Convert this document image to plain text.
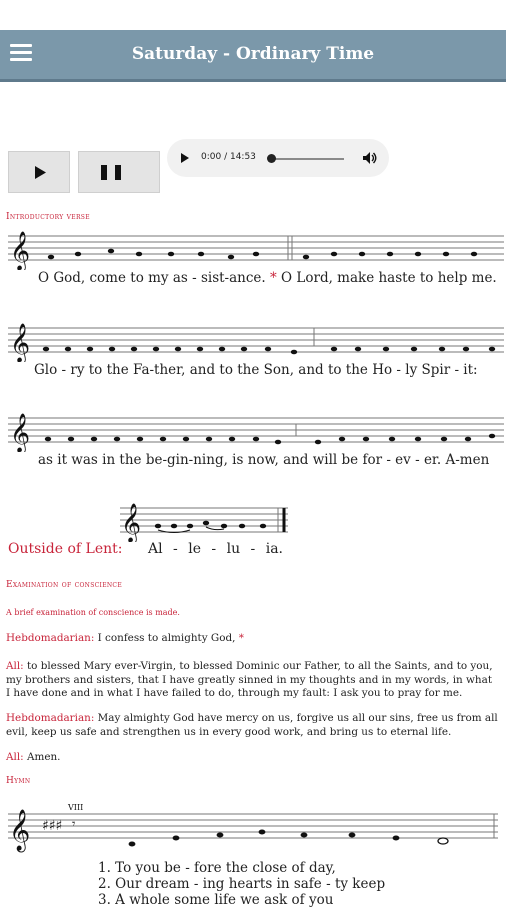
Saturday - Ordinary Time
0:00 / 14:53
Introductory verse
𝄞
O God, come to my as - sist-ance. * O Lord, make haste to help me.
𝄞
Glo - ry to the Fa-ther, and to the Son, and to the Ho - ly Spir - it:
𝄞
as it was in the be-gin-ning, is now, and will be for - ev - er. A-men
𝄞
Outside of Lent: Al - le - lu - ia.
Examination of conscience
A brief examination of conscience is made.
Hebdomadarian: I confess to almighty God, *
All: to blessed Mary ever-Virgin, to blessed Dominic our Father, to all the Saints, and to you, my brothers and sisters, that I have greatly sinned in my thoughts and in my words, in what I have done and in what I have failed to do, through my fault: I ask you to pray for me.
Hebdomadarian: May almighty God have mercy on us, forgive us all our sins, free us from all evil, keep us safe and strengthen us in every good work, and bring us to eternal life.
All: Amen.
Hymn
VIII
𝄞 ♯♯♯ 𝄾
1. To you be - fore the close of day,
2. Our dream - ing hearts in safe - ty keep
3. A whole some life we ask of you
